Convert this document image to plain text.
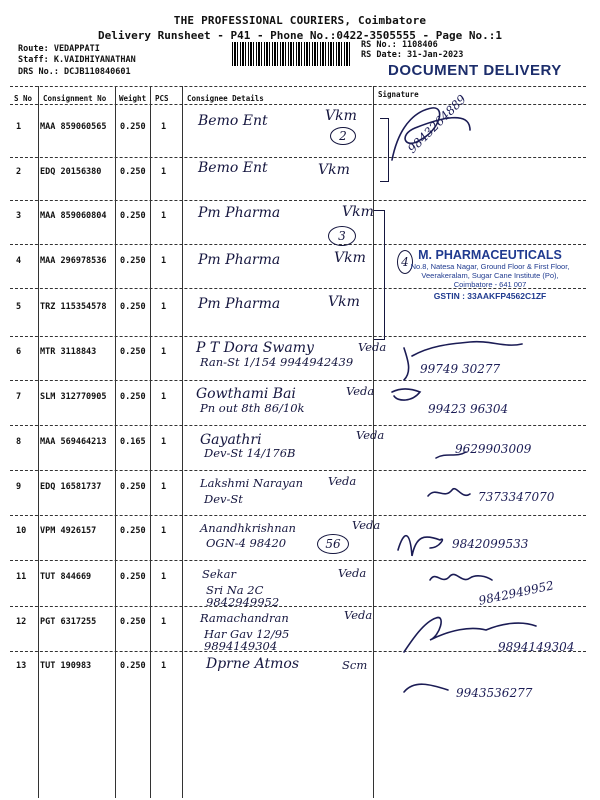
THE PROFESSIONAL COURIERS, Coimbatore
Delivery Runsheet - P41 - Phone No.:0422-3505555 - Page No.:1
Route: VEDAPPATI
Staff: K.VAIDHIYANATHAN
DRS No.: DCJB110840601
RS No.: 1108406
RS Date: 31-Jan-2023
DOCUMENT DELIVERY
S No Consignment No Weight PCS Consignee Details	Signature
1 MAA 859060565 0.250 1 Bemo Ent	Vkm	9843264889
2
2 EDQ 20156380 0.250 1 Bemo Ent	Vkm
3 MAA 859060804 0.250 1 Pm Pharma	Vkm
3
4 MAA 296978536 0.250 1 Pm Pharma	Vkm	4
5 TRZ 115354578 0.250 1 Pm Pharma	Vkm
M. PHARMACEUTICALS
No.8, Natesa Nagar, Ground Floor & First Floor,
Veerakeralam, Sugar Cane Institute (Po),
Coimbatore - 641 007
GSTIN : 33AAKFP4562C1ZF
6 MTR 3118843	0.250 1 P T Dora Swamy	Veda
Ran-St 1/154 9944942439	99749 30277
7 SLM 312770905 0.250 1 Gowthami Bai	Veda
Pn out 8th 86/10k	99423 96304
8 MAA 569464213 0.165 1 Gayathri	Veda
Dev-St 14/176B	9629903009
9 EDQ 16581737 0.250 1	Lakshmi Narayan Veda
Dev-St	7373347070
10 VPM 4926157	0.250 1	Anandhkrishnan	Veda
OGN-4 98420	9842099533
56
11 TUT 844669	0.250 1	Sekar	Veda
Sri Na 2C 9842949952	9842949952
12 PGT 6317255	0.250 1	Ramachandran	Veda
Har Gav 12/95 9894149304	9894149304
13 TUT 190983	0.250 1	Dprne Atmos	Scm
9943536277
